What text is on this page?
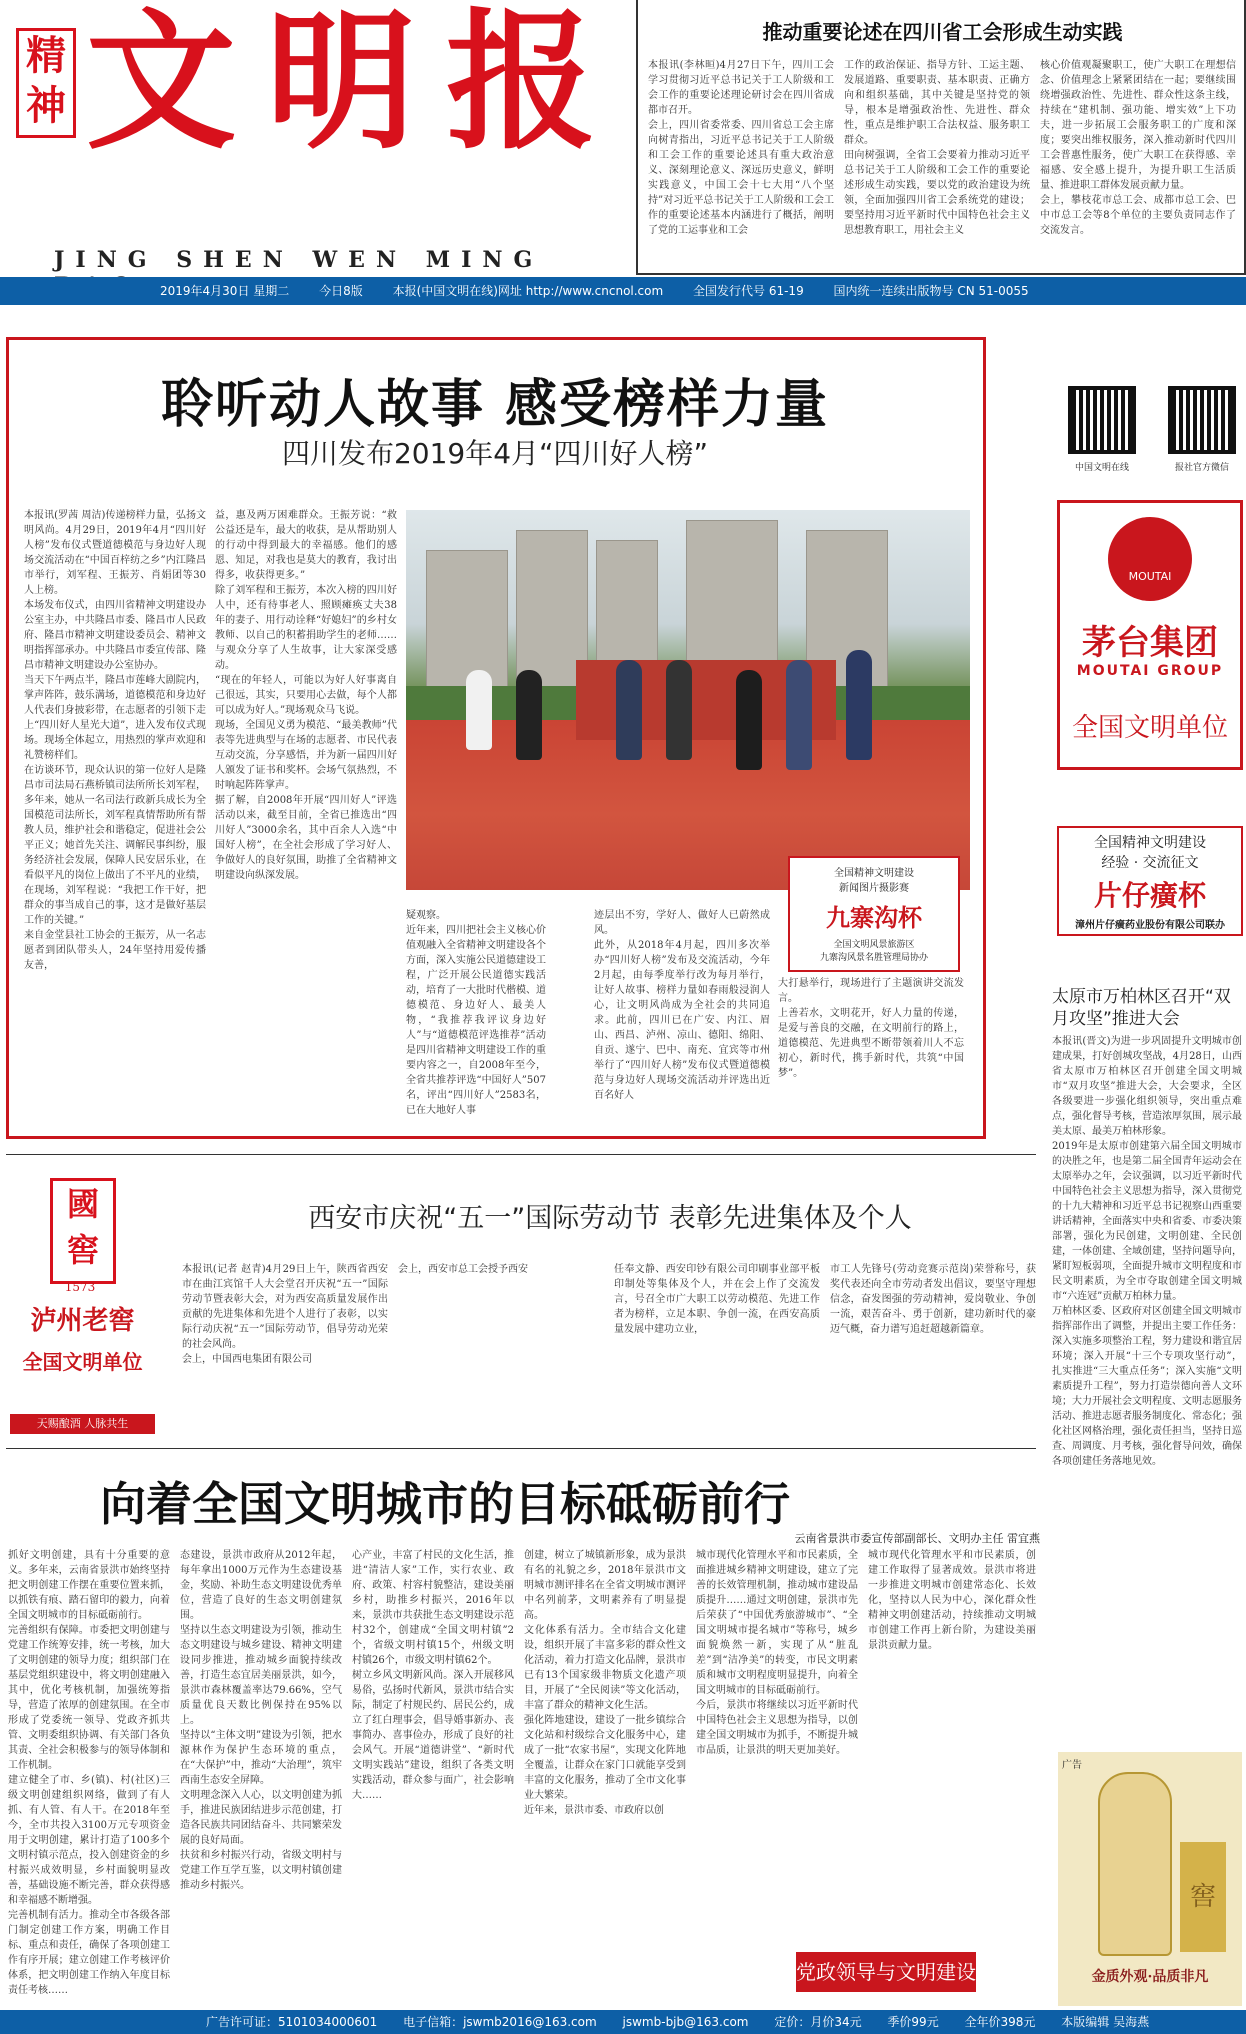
精神 文明报
JING SHEN WEN MING
推动重要论述在四川省工会形成生动实践
本报讯(李林晅)4月27日下午，四川工会学习贯彻习近平总书记关于工人阶级和工会工作的重要论述理论研讨会在四川省成都市召开。
会上，四川省委常委、四川省总工会主席向树青指出，习近平总书记关于工人阶级和工会工作的重要论述具有重大政治意义、深刻理论意义、深远历史意义，鲜明实践意义，中国工会十七大用“八个坚持”对习近平总书记关于工人阶级和工会工作的重要论述基本内涵进行了概括，阐明了党的工运事业和工会
工作的政治保证、指导方针、工运主题、发展道路、重要职责、基本职责、正确方向和组织基础，其中关键是坚持党的领导，根本是增强政治性、先进性、群众性，重点是维护职工合法权益、服务职工群众。
田向树强调，全省工会要着力推动习近平总书记关于工人阶级和工会工作的重要论述形成生动实践，要以党的政治建设为统领，全面加强四川省工会系统党的建设；要坚持用习近平新时代中国特色社会主义思想教育职工，用社会主义
核心价值观凝聚职工，使广大职工在理想信念、价值理念上紧紧团结在一起；要继续围绕增强政治性、先进性、群众性这条主线，持续在“建机制、强功能、增实效”上下功夫，进一步拓展工会服务职工的广度和深度；要突出维权服务，深入推动新时代四川工会普惠性服务，使广大职工在获得感、幸福感、安全感上提升，为提升职工生活质量、推进职工群体发展贡献力量。
会上，攀枝花市总工会、成都市总工会、巴中市总工会等8个单位的主要负责同志作了交流发言。
2019年4月30日 星期二 今日8版 本报(中国文明在线)网址 http://www.cncnol.com 全国发行代号 61-19 国内统一连续出版物号 CN 51-0055
聆听动人故事 感受榜样力量
四川发布2019年4月“四川好人榜”
本报讯(罗茜 周洁)传递榜样力量，弘扬文明风尚。4月29日，2019年4月“四川好人榜”发布仪式暨道德模范与身边好人现场交流活动在“中国百梓纺之乡”内江隆昌市举行，刘军程、王振芳、肖娟团等30人上榜。
本场发布仪式，由四川省精神文明建设办公室主办，中共隆昌市委、隆昌市人民政府、隆昌市精神文明建设委员会、精神文明指挥部承办。中共隆昌市委宣传部、隆昌市精神文明建设办公室协办。
当天下午两点半，隆昌市莲峰大剧院内，掌声阵阵，鼓乐满场，道德模范和身边好人代表们身披彩带，在志愿者的引领下走上“四川好人星光大道”，进入发布仪式现场。现场全体起立，用热烈的掌声欢迎和礼赞榜样们。
在访谈环节，现众认识的第一位好人是隆昌市司法局石燕桥镇司法所所长刘军程，多年来，她从一名司法行政新兵成长为全国模范司法所长，刘军程真情帮助所有帮教人员，维护社会和谐稳定，促进社会公平正义；她首先关注、调解民事纠纷，服务经济社会发展，保障人民安居乐业，在看似平凡的岗位上做出了不平凡的业绩，在现场，刘军程说：“我把工作干好，把群众的事当成自己的事，这才是做好基层工作的关键。”
来自金堂县社工协会的王振芳，从一名志愿者到团队带头人，24年坚持用爱传播友善，
益，惠及两万困难群众。王振芳说：“救公益还是车，最大的收获，是从帮助别人的行动中得到最大的幸福感。他们的感恩、知足，对我也是莫大的教育，我讨出得多，收获得更多。”
除了刘军程和王振芳，本次入榜的四川好人中，还有待事老人、照顾瘫痪丈夫38年的妻子、用行动诠释“好媳妇”的乡村女教师、以自己的积蓄捐助学生的老师……与观众分享了人生故事，让大家深受感动。
“现在的年轻人，可能以为好人好事离自己很远，其实，只要用心去做，每个人都可以成为好人。”现场观众马飞说。
现场，全国见义勇为模范、“最美教师”代表等先进典型与在场的志愿者、市民代表互动交流，分享感悟，并为新一届四川好人颁发了证书和奖杯。会场气氛热烈，不时响起阵阵掌声。
据了解，自2008年开展“四川好人”评选活动以来，截至目前，全省已推选出“四川好人”3000余名，其中百余人入选“中国好人榜”，在全社会形成了学习好人、争做好人的良好氛围，助推了全省精神文明建设向纵深发展。	全国精神文明建设
新闻图片摄影赛
九寨沟杯
全国文明风景旅游区
九寨沟风景名胜管理局协办
疑观察。
近年来，四川把社会主义核心价值观融入全省精神文明建设各个方面，深入实施公民道德建设工程，广泛开展公民道德实践活动，培育了一大批时代楷模、道德模范、身边好人、最美人物，“我推荐我评议身边好人”与“道德模范评选推荐”活动是四川省精神文明建设工作的重要内容之一，自2008年至今，全省共推荐评选“中国好人”507名，评出“四川好人”2583名，已在大地好人事
迹层出不穷，学好人、做好人已蔚然成风。
此外，从2018年4月起，四川多次举办“四川好人榜”发布及交流活动，今年2月起，由每季度举行改为每月举行，让好人故事、榜样力量如春雨般浸润人心，让文明风尚成为全社会的共同追求。此前，四川已在广安、内江、眉山、西昌、泸州、凉山、德阳、绵阳、自贡、遂宁、巴中、南充、宜宾等市州举行了“四川好人榜”发布仪式暨道德模范与身边好人现场交流活动并评选出近百名好人
大打悬举行，现场进行了主题演讲交流发言。
上善若水，文明花开，好人力量的传递，是爱与善良的交融，在文明前行的路上，道德模范、先进典型不断带领着川人不忘初心，新时代，携手新时代，共筑“中国梦”。
中国文明在线	报社官方微信
MOUTAI
茅台集团
MOUTAI GROUP
全国文明单位
全国精神文明建设
经验 · 交流征文
片仔癀杯
漳州片仔癀药业股份有限公司联办
太原市万柏林区召开“双月攻坚”推进大会
本报讯(晋文)为进一步巩固提升文明城市创建成果，打好创城攻坚战，4月28日，山西省太原市万柏林区召开创建全国文明城市“双月攻坚”推进大会，大会要求，全区各级要进一步强化组织领导，突出重点难点，强化督导考核，营造浓厚氛围，展示最美太原、最美万柏林形象。
2019年是太原市创建第六届全国文明城市的决胜之年，也是第二届全国青年运动会在太原举办之年，会议强调，以习近平新时代中国特色社会主义思想为指导，深入贯彻党的十九大精神和习近平总书记视察山西重要讲话精神，全面落实中央和省委、市委决策部署，强化为民创建，文明创建、全民创建，一体创建、全域创建，坚持问题导向，紧盯短板弱项，全面提升城市文明程度和市民文明素质，为全市夺取创建全国文明城市“六连冠”贡献万柏林力量。
万柏林区委、区政府对区创建全国文明城市指挥部作出了调整，并提出主要工作任务：深入实施多项整治工程，努力建设和谐宜居环境；深入开展“十三个专项攻坚行动”，扎实推进“三大重点任务”；深入实施“文明素质提升工程”，努力打造崇德向善人文环境；大力开展社会文明程度、文明志愿服务活动、推进志愿者服务制度化、常态化；强化社区网格治理，强化责任担当，坚持日巡查、周调度、月考核，强化督导问效，确保各项创建任务落地见效。
國窖
1573
泸州老窖
全国文明单位
天赐酿酒 人脉共生
西安市庆祝“五一”国际劳动节 表彰先进集体及个人
本报讯(记者 赵青)4月29日上午，陕西省西安市在曲江宾馆千人大会堂召开庆祝“五一”国际劳动节暨表彰大会，对为西安高质量发展作出贡献的先进集体和先进个人进行了表彰，以实际行动庆祝“五一”国际劳动节，倡导劳动光荣的社会风尚。
会上，中国西电集团有限公司
会上，西安市总工会授予西安	任奉文静、西安印钞有限公司印刷事业部平板印制处等集体及个人，并在会上作了交流发言，号召全市广大职工以劳动模范、先进工作者为榜样，立足本职、争创一流，在西安高质量发展中建功立业，
市工人先锋号(劳动竞赛示范岗)荣誉称号，获奖代表还向全市劳动者发出倡议，要坚守理想信念，奋发图强的劳动精神，爱岗敬业、争创一流，艰苦奋斗、勇于创新，建功新时代的豪迈气概，奋力谱写追赶超越新篇章。
向着全国文明城市的目标砥砺前行
云南省景洪市委宣传部副部长、文明办主任 雷宜燕
抓好文明创建，具有十分重要的意义。多年来，云南省景洪市始终坚持把文明创建工作摆在重要位置来抓，以抓铁有痕、踏石留印的毅力，向着全国文明城市的目标砥砺前行。
完善组织有保障。市委把文明创建与党建工作统筹安排，统一考核，加大了文明创建的领导力度；组织部门在基层党组织建设中，将文明创建融入其中，优化考核机制，加强统筹指导，营造了浓厚的创建氛围。在全市形成了党委统一领导、党政齐抓共管、文明委组织协调、有关部门各负其责、全社会积极参与的领导体制和工作机制。
建立健全了市、乡(镇)、村(社区)三级文明创建组织网络，做到了有人抓、有人管、有人干。在2018年至今，全市共投入3100万元专项资金用于文明创建，累计打造了100多个文明村镇示范点，投入创建资金的乡村振兴成效明显，乡村面貌明显改善，基础设施不断完善，群众获得感和幸福感不断增强。
完善机制有活力。推动全市各级各部门制定创建工作方案，明确工作目标、重点和责任，确保了各项创建工作有序开展；建立创建工作考核评价体系，把文明创建工作纳入年度目标责任考核……
态建设，景洪市政府从2012年起，每年拿出1000万元作为生态建设基金，奖励、补助生态文明建设优秀单位，营造了良好的生态文明创建氛围。
坚持以生态文明建设为引领，推动生态文明建设与城乡建设、精神文明建设同步推进，推动城乡面貌持续改善，打造生态宜居美丽景洪，如今，景洪市森林覆盖率达79.66%，空气质量优良天数比例保持在95%以上。
坚持以“主体文明”建设为引领，把水源林作为保护生态环境的重点，在“大保护”中，推动“大治理”，筑牢西南生态安全屏障。
文明理念深入人心，以文明创建为抓手，推进民族团结进步示范创建，打造各民族共同团结奋斗、共同繁荣发展的良好局面。
扶贫和乡村振兴行动，省级文明村与党建工作互学互鉴，以文明村镇创建推动乡村振兴。
心产业，丰富了村民的文化生活，推进“清洁人家”工作，实行农业、政府、政策、村容村貌整洁，建设美丽乡村，助推乡村振兴，2016年以来，景洪市共获批生态文明建设示范村32个，创建成“全国文明村镇”2个，省级文明村镇15个，州级文明村镇26个，市级文明村镇62个。
树立乡风文明新风尚。深入开展移风易俗，弘扬时代新风，景洪市结合实际，制定了村规民约、居民公约，成立了红白理事会，倡导婚事新办、丧事简办、喜事俭办，形成了良好的社会风气。开展“道德讲堂”、“新时代文明实践站”建设，组织了各类文明实践活动，群众参与面广，社会影响大……
创建，树立了城镇新形象，成为景洪有名的礼貌之乡，2018年景洪市文明城市测评排名在全省文明城市测评中名列前茅，文明素养有了明显提高。
文化体系有活力。全市结合文化建设，组织开展了丰富多彩的群众性文化活动，着力打造文化品牌，景洪市已有13个国家级非物质文化遗产项目，开展了“全民阅读”等文化活动，丰富了群众的精神文化生活。
强化阵地建设，建设了一批乡镇综合文化站和村级综合文化服务中心，建成了一批“农家书屋”，实现文化阵地全覆盖，让群众在家门口就能享受到丰富的文化服务，推动了全市文化事业大繁荣。
近年来，景洪市委、市政府以创
城市现代化管理水平和市民素质，全面推进城乡精神文明建设，建立了完善的长效管理机制，推动城市建设品质提升……通过文明创建，景洪市先后荣获了“中国优秀旅游城市”、“全国文明城市提名城市”等称号，城乡面貌焕然一新，实现了从“脏乱差”到“洁净美”的转变，市民文明素质和城市文明程度明显提升，向着全国文明城市的目标砥砺前行。
今后，景洪市将继续以习近平新时代中国特色社会主义思想为指导，以创建全国文明城市为抓手，不断提升城市品质，让景洪的明天更加美好。
城市现代化管理水平和市民素质，创建工作取得了显著成效。景洪市将进一步推进文明城市创建常态化、长效化，坚持以人民为中心，深化群众性精神文明创建活动，持续推动文明城市创建工作再上新台阶，为建设美丽景洪贡献力量。
党政领导与文明建设
广告
窖
金质外观·品质非凡
广告许可证：5101034000601 电子信箱：jswmb2016@163.com jswmb-bjb@163.com 定价：月价34元 季价99元 全年价398元 本版编辑 吴海燕
